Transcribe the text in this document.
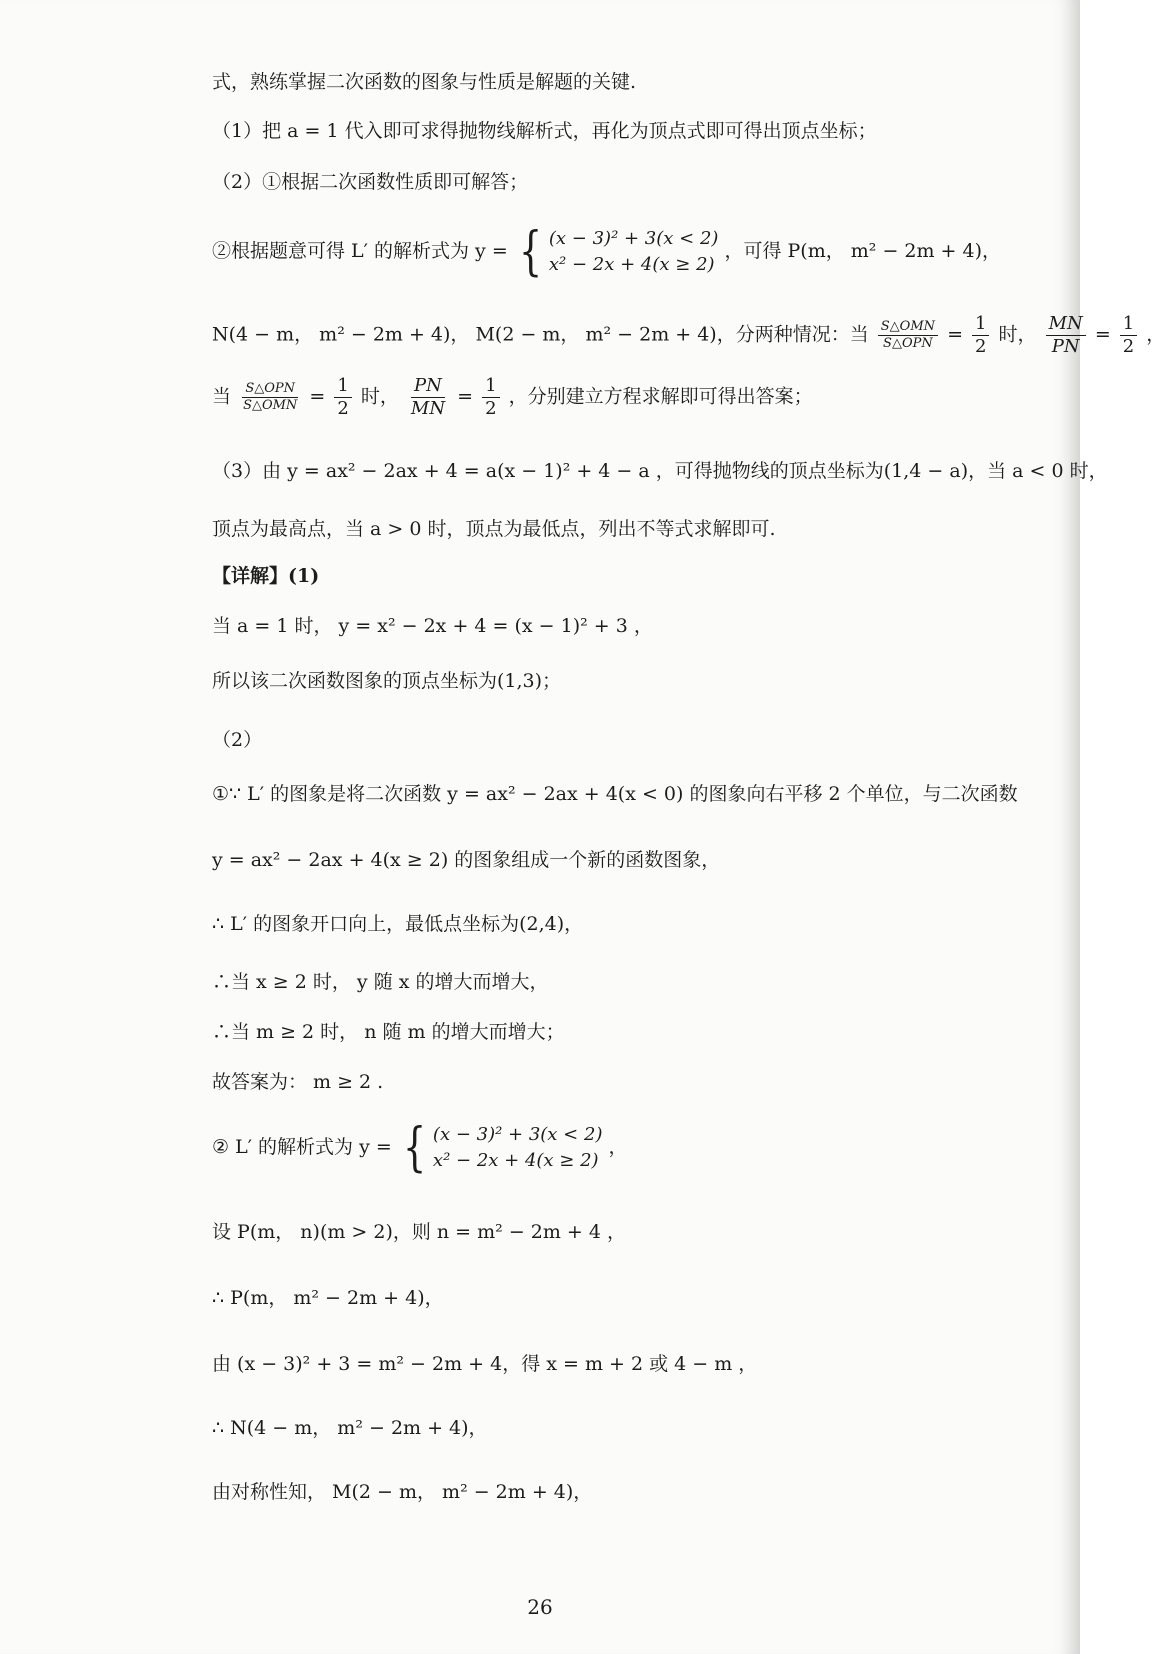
式，熟练掌握二次函数的图象与性质是解题的关键.
（1）把 a = 1 代入即可求得抛物线解析式，再化为顶点式即可得出顶点坐标；
（2）①根据二次函数性质即可解答；
②根据题意可得 L′ 的解析式为 y = { (x − 3)² + 3(x < 2)
x² − 2x + 4(x ≥ 2)
，可得 P(m， m² − 2m + 4)，
N(4 − m， m² − 2m + 4)， M(2 − m， m² − 2m + 4)，分两种情况：当 $\frac{\text{S△OMN}}{\text{S△OPN}} = \frac{1}{2}$ 时， $\frac{MN}{PN} = \frac{1}{2}$ ，
当 $\frac{\text{S△OPN}}{\text{S△OMN}} = \frac{1}{2}$ 时， $\frac{PN}{MN} = \frac{1}{2}$ ，分别建立方程求解即可得出答案；
（3）由 y = ax² − 2ax + 4 = a(x − 1)² + 4 − a ，可得抛物线的顶点坐标为(1,4 − a)，当 a < 0 时，
顶点为最高点，当 a > 0 时，顶点为最低点，列出不等式求解即可.
【详解】(1)
当 a = 1 时， y = x² − 2x + 4 = (x − 1)² + 3 ，
所以该二次函数图象的顶点坐标为(1,3)；
（2）
①∵ L′ 的图象是将二次函数 y = ax² − 2ax + 4(x < 0) 的图象向右平移 2 个单位，与二次函数
y = ax² − 2ax + 4(x ≥ 2) 的图象组成一个新的函数图象，
∴ L′ 的图象开口向上，最低点坐标为(2,4)，
∴当 x ≥ 2 时， y 随 x 的增大而增大，
∴当 m ≥ 2 时， n 随 m 的增大而增大；
故答案为： m ≥ 2 .
② L′ 的解析式为 y = { (x − 3)² + 3(x < 2)
x² − 2x + 4(x ≥ 2)
，
设 P(m， n)(m > 2)，则 n = m² − 2m + 4 ，
∴ P(m， m² − 2m + 4)，
由 (x − 3)² + 3 = m² − 2m + 4，得 x = m + 2 或 4 − m ，
∴ N(4 − m， m² − 2m + 4)，
由对称性知， M(2 − m， m² − 2m + 4)，
26
